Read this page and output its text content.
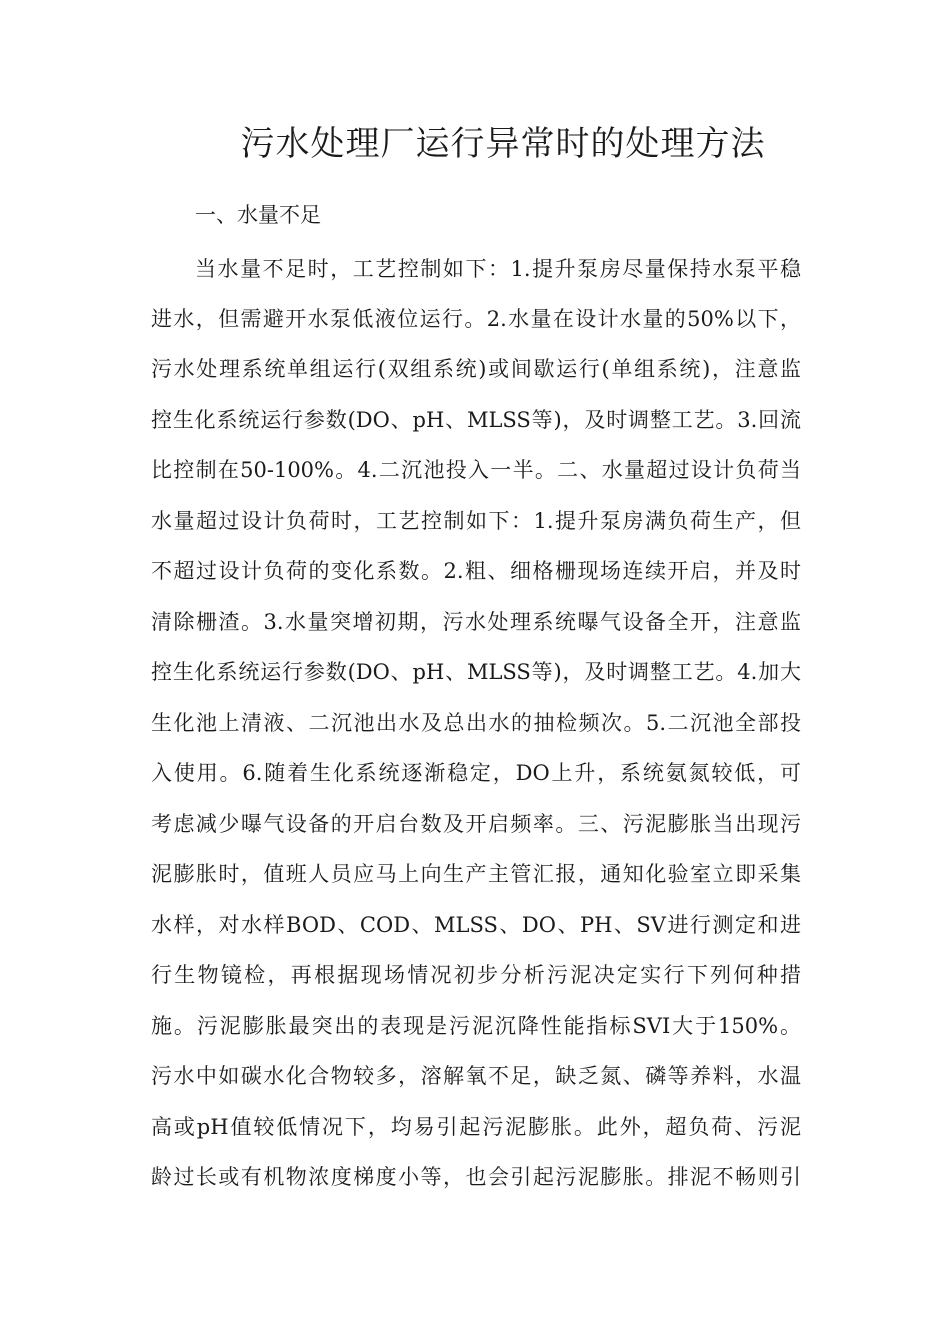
污水处理厂运行异常时的处理方法
一、水量不足
当水量不足时，工艺控制如下：1.提升泵房尽量保持水泵平稳
进水，但需避开水泵低液位运行。2.水量在设计水量的50%以下，
污水处理系统单组运行(双组系统)或间歇运行(单组系统)，注意监
控生化系统运行参数(DO、pH、MLSS等)，及时调整工艺。3.回流
比控制在50-100%。4.二沉池投入一半。二、水量超过设计负荷当
水量超过设计负荷时，工艺控制如下：1.提升泵房满负荷生产，但
不超过设计负荷的变化系数。2.粗、细格栅现场连续开启，并及时
清除栅渣。3.水量突增初期，污水处理系统曝气设备全开，注意监
控生化系统运行参数(DO、pH、MLSS等)，及时调整工艺。4.加大
生化池上清液、二沉池出水及总出水的抽检频次。5.二沉池全部投
入使用。6.随着生化系统逐渐稳定，DO上升，系统氨氮较低，可
考虑减少曝气设备的开启台数及开启频率。三、污泥膨胀当出现污
泥膨胀时，值班人员应马上向生产主管汇报，通知化验室立即采集
水样，对水样BOD、COD、MLSS、DO、PH、SV进行测定和进
行生物镜检，再根据现场情况初步分析污泥决定实行下列何种措
施。污泥膨胀最突出的表现是污泥沉降性能指标SVI大于150%。
污水中如碳水化合物较多，溶解氧不足，缺乏氮、磷等养料，水温
高或pH值较低情况下，均易引起污泥膨胀。此外，超负荷、污泥
龄过长或有机物浓度梯度小等，也会引起污泥膨胀。排泥不畅则引
